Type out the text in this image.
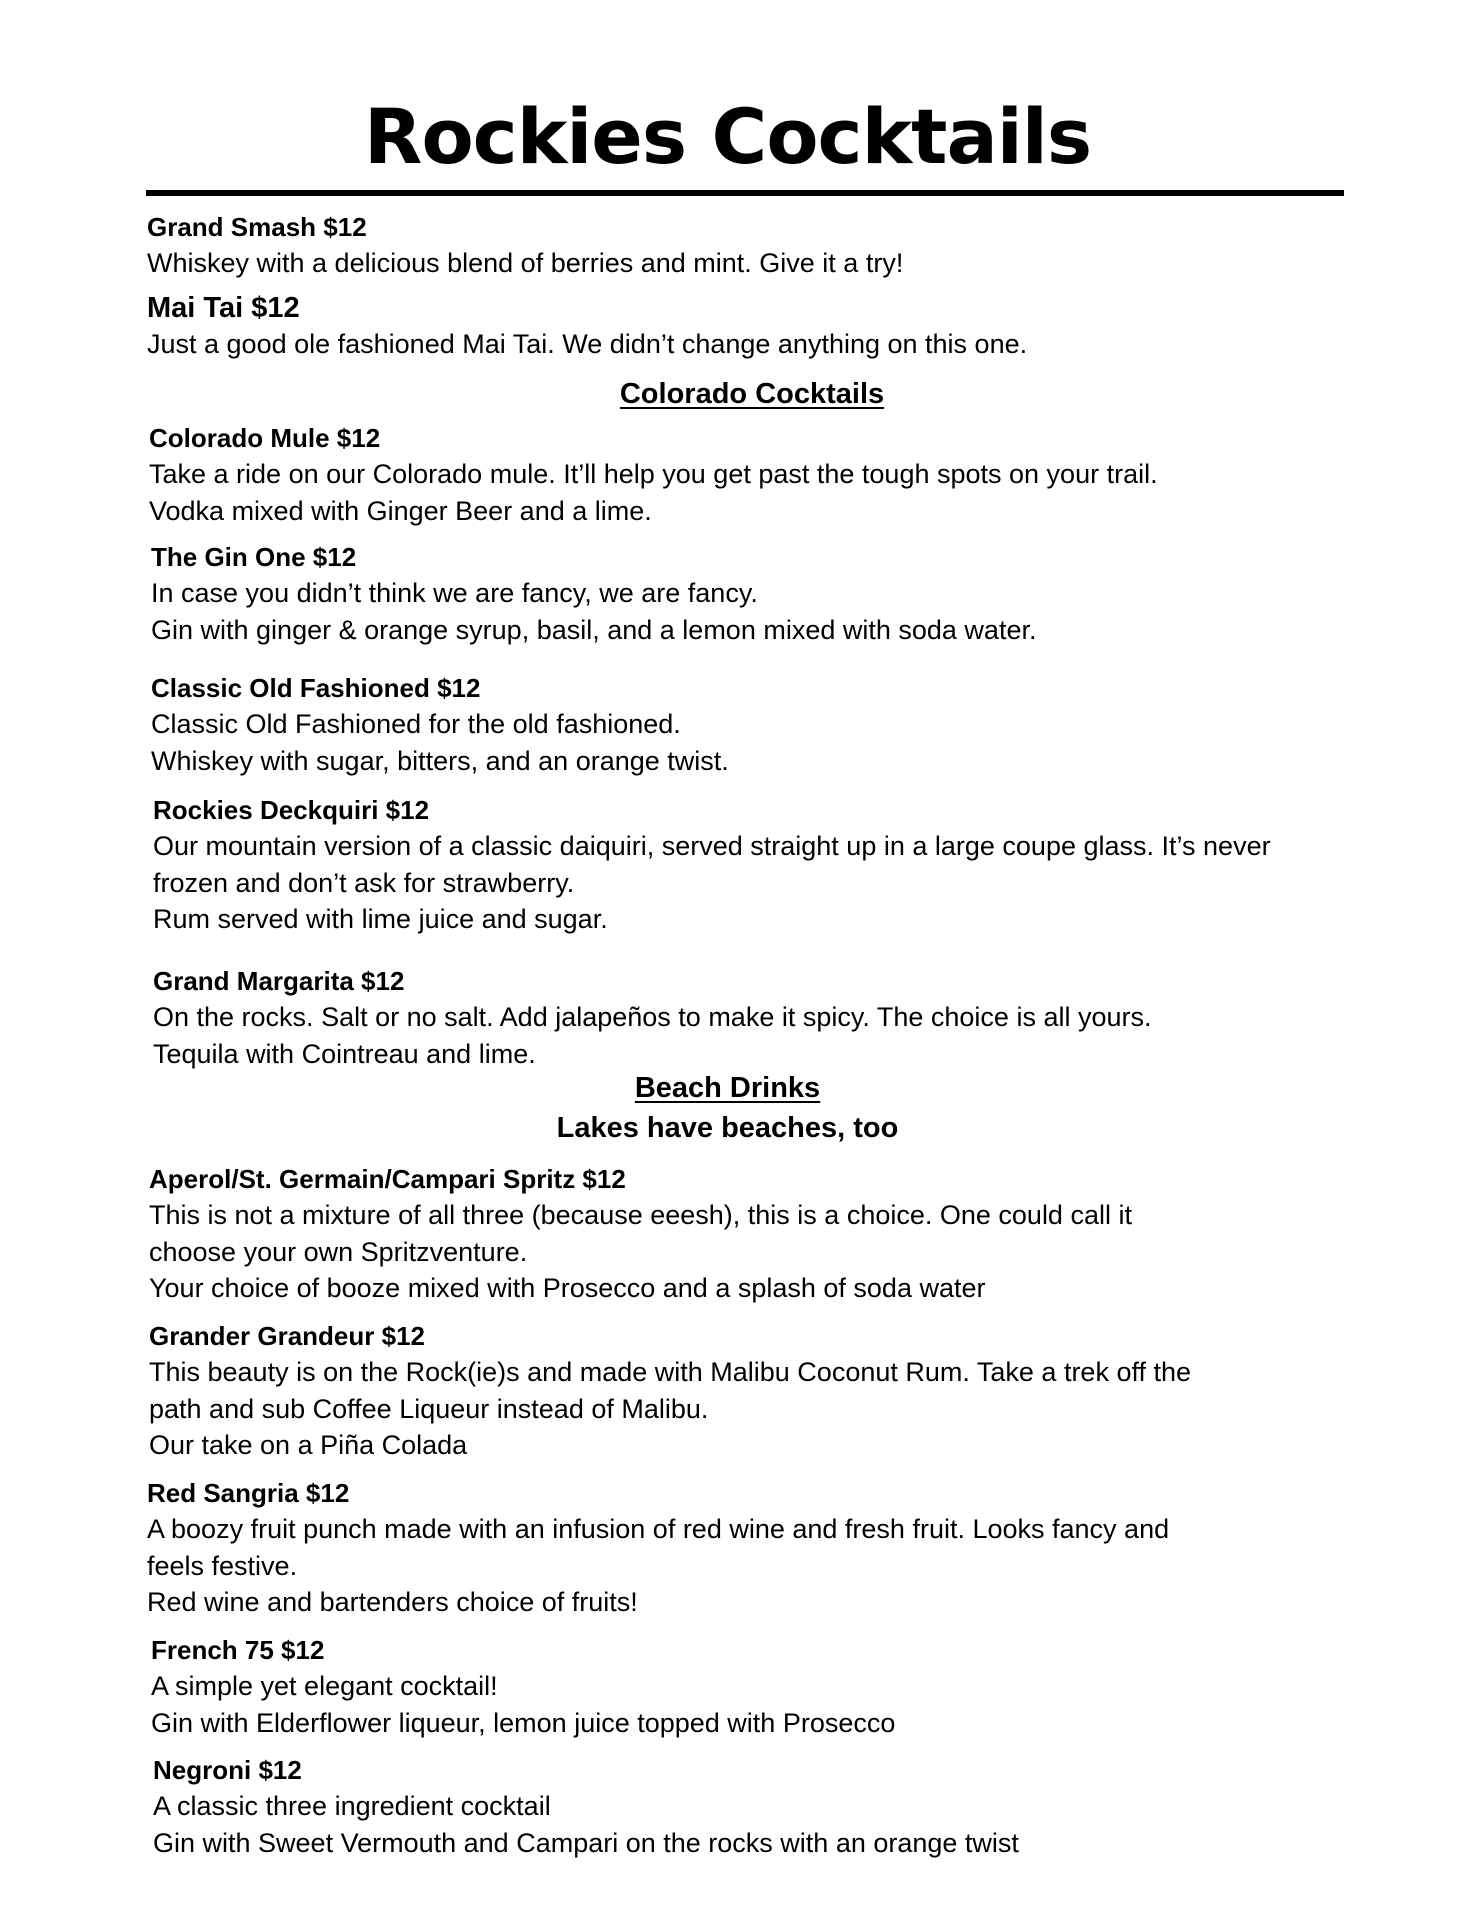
Rockies Cocktails
Grand Smash $12
Whiskey with a delicious blend of berries and mint. Give it a try!
Mai Tai $12
Just a good ole fashioned Mai Tai. We didn’t change anything on this one.
Colorado Cocktails
Colorado Mule $12
Take a ride on our Colorado mule. It’ll help you get past the tough spots on your trail.
Vodka mixed with Ginger Beer and a lime.
The Gin One $12
In case you didn’t think we are fancy, we are fancy.
Gin with ginger & orange syrup, basil, and a lemon mixed with soda water.
Classic Old Fashioned $12
Classic Old Fashioned for the old fashioned.
Whiskey with sugar, bitters, and an orange twist.
Rockies Deckquiri $12
Our mountain version of a classic daiquiri, served straight up in a large coupe glass. It’s never
frozen and don’t ask for strawberry.
Rum served with lime juice and sugar.
Grand Margarita $12
On the rocks. Salt or no salt. Add jalapeños to make it spicy. The choice is all yours.
Tequila with Cointreau and lime.
Beach Drinks
Lakes have beaches, too
Aperol/St. Germain/Campari Spritz $12
This is not a mixture of all three (because eeesh), this is a choice. One could call it
choose your own Spritzventure.
Your choice of booze mixed with Prosecco and a splash of soda water
Grander Grandeur $12
This beauty is on the Rock(ie)s and made with Malibu Coconut Rum. Take a trek off the
path and sub Coffee Liqueur instead of Malibu.
Our take on a Piña Colada
Red Sangria $12
A boozy fruit punch made with an infusion of red wine and fresh fruit. Looks fancy and
feels festive.
Red wine and bartenders choice of fruits!
French 75 $12
A simple yet elegant cocktail!
Gin with Elderflower liqueur, lemon juice topped with Prosecco
Negroni $12
A classic three ingredient cocktail
Gin with Sweet Vermouth and Campari on the rocks with an orange twist
